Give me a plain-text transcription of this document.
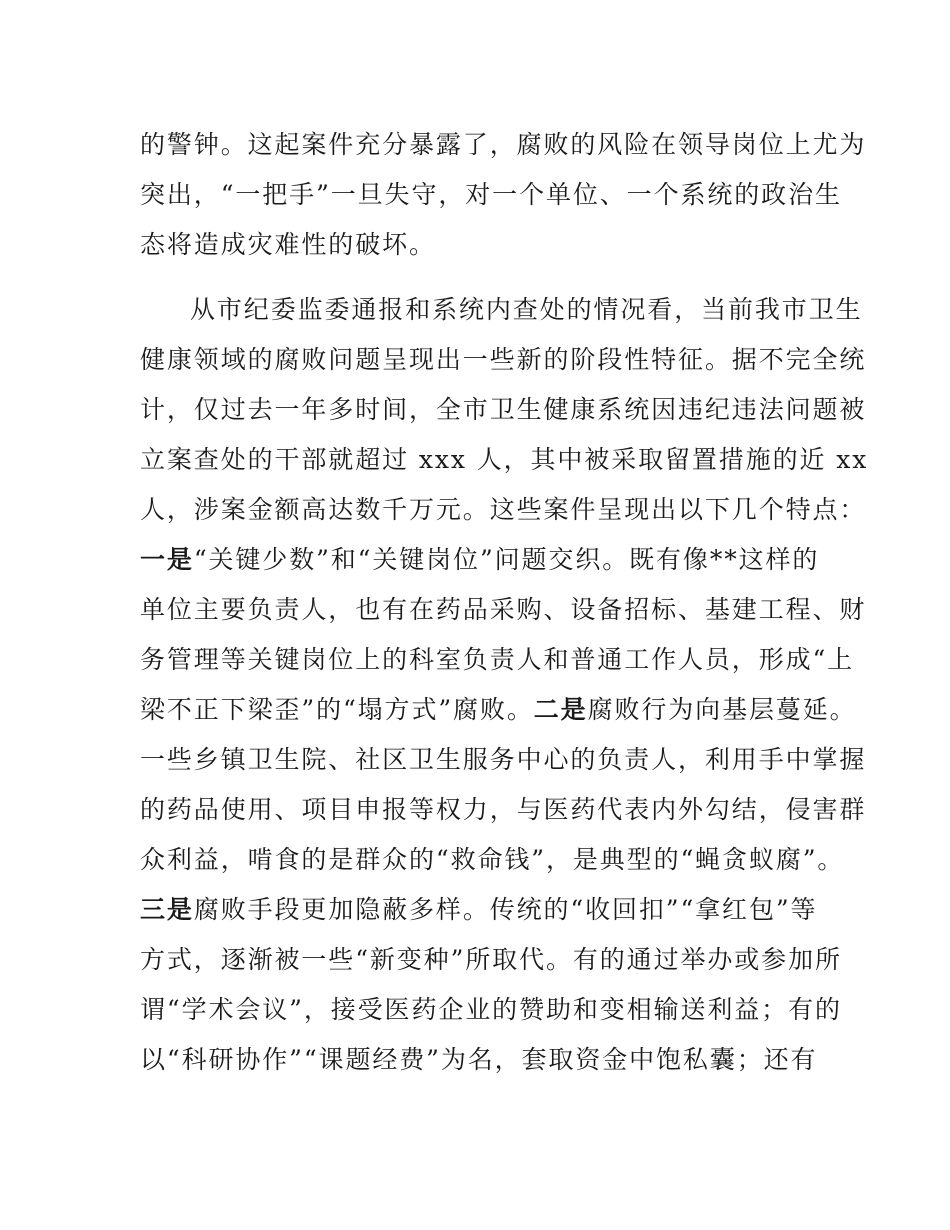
的警钟。这起案件充分暴露了，腐败的风险在领导岗位上尤为
突出，“一把手”一旦失守，对一个单位、一个系统的政治生
态将造成灾难性的破坏。
从市纪委监委通报和系统内查处的情况看，当前我市卫生
健康领域的腐败问题呈现出一些新的阶段性特征。据不完全统
计，仅过去一年多时间，全市卫生健康系统因违纪违法问题被
立案查处的干部就超过 xxx 人，其中被采取留置措施的近 xx
人，涉案金额高达数千万元。这些案件呈现出以下几个特点：
一是“关键少数”和“关键岗位”问题交织。既有像**这样的
单位主要负责人，也有在药品采购、设备招标、基建工程、财
务管理等关键岗位上的科室负责人和普通工作人员，形成“上
梁不正下梁歪”的“塌方式”腐败。二是腐败行为向基层蔓延。
一些乡镇卫生院、社区卫生服务中心的负责人，利用手中掌握
的药品使用、项目申报等权力，与医药代表内外勾结，侵害群
众利益，啃食的是群众的“救命钱”，是典型的“蝇贪蚁腐”。
三是腐败手段更加隐蔽多样。传统的“收回扣”“拿红包”等
方式，逐渐被一些“新变种”所取代。有的通过举办或参加所
谓“学术会议”，接受医药企业的赞助和变相输送利益；有的
以“科研协作”“课题经费”为名，套取资金中饱私囊；还有
